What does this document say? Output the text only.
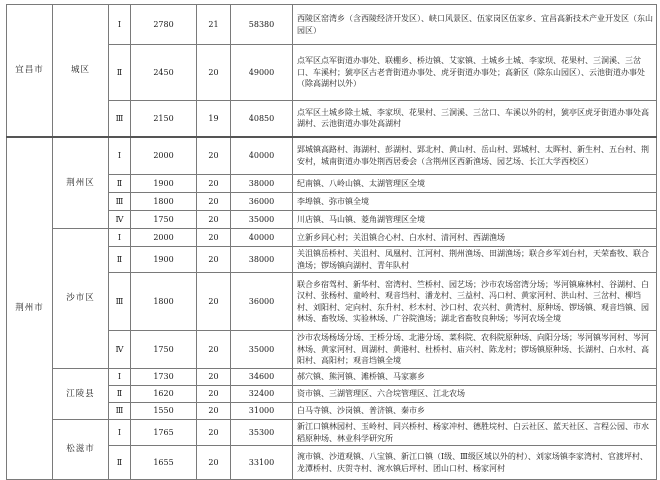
宜昌市	城区	Ⅰ	2780	21	58380	西陵区窑湾乡（含西陵经济开发区）、峡口风景区、伍家岗区伍家乡、宜昌高新技术产业开发区（东山园区）
		Ⅱ	2450	20	49000	点军区点军街道办事处、联棚乡、桥边镇、艾家镇、土城乡土城、李家坝、花果村、三洞溪、三岔口、车溪村；猇亭区古老背街道办事处、虎牙街道办事处；高新区（除东山园区）、云池街道办事处（除高湖村以外）
		Ⅲ	2150	19	40850	点军区土城乡除土城、李家坝、花果村、三洞溪、三岔口、车溪以外的村，猇亭区虎牙街道办事处高湖村、云池街道办事处高湖村
荆州市	荆州区	Ⅰ	2000	20	40000	郢城镇高路村、海湖村、彭湖村、郢北村、黄山村、岳山村、郢城村、太晖村、新生村、五台村、荆安村，城南街道办事处荆西居委会（含荆州区西新渔场、园艺场、长江大学西校区）
		Ⅱ	1900	20	38000	纪南镇、八岭山镇、太湖管理区全境
		Ⅲ	1800	20	36000	李埠镇、弥市镇全境
		Ⅳ	1750	20	35000	川店镇、马山镇、菱角湖管理区全境
	沙市区	Ⅰ	2000	20	40000	立新乡同心村；关沮镇合心村、白水村、清河村、西湖渔场
		Ⅱ	1900	20	38000	关沮镇岳桥村、关沮村、凤凰村、江河村、荆州渔场、田湖渔场；联合乡军刘台村，天荣畜牧、联合渔场；锣场镇向湖村、青年队村
		Ⅲ	1800	20	36000	联合乡宿驾村、新华村、窑湾村、竺桥村、园艺场；沙市农场窑湾分场；岑河镇麻林村、谷湖村、白汉村、张杨村、童岭村、观音垱村、潘龙村、三益村、冯口村、黄家河村、洪山村、三岔村、柳垱村、刘阳村、定向村、东升村、杉木村、沙口村、农兴村、黄湾村、原种场、锣场镇、观音垱镇、园林场、畜牧场、实验林场、广谷院渔场；湖北省畜牧良种场；岑河农场全境
		Ⅳ	1750	20	35000	沙市农场杨场分场、王桥分场、北港分场、菜科院、农科院原种场、向阳分场；岑河镇岑河村、岑河林场、黄家河村、周湖村、黄港村、杜桥村、庙兴村、陈龙村；锣场镇原种场、长湖村、白水村、高阳村、高阳村；观音垱镇全境
	江陵县	Ⅰ	1730	20	34600	郝穴镇、熊河镇、滩桥镇、马家寨乡
		Ⅱ	1620	20	32400	资市镇、三湖管理区、六合垸管理区、江北农场
		Ⅲ	1550	20	31000	白马寺镇、沙岗镇、普济镇、秦市乡
	松滋市	Ⅰ	1765	20	35300	新江口镇林园村、玉岭村、同兴桥村、杨家冲村、德胜垸村、白云社区、蓝天社区、言程公园、市水稻原种场、林业科学研究所
		Ⅱ	1655	20	33100	涴市镇、沙道观镇、八宝镇、新江口镇（Ⅰ级、Ⅲ级区域以外的村）、刘家场镇李家湾村、官渡坪村、龙潭桥村、庆贺寺村、涴水镇后坪村、团山口村、杨家河村
